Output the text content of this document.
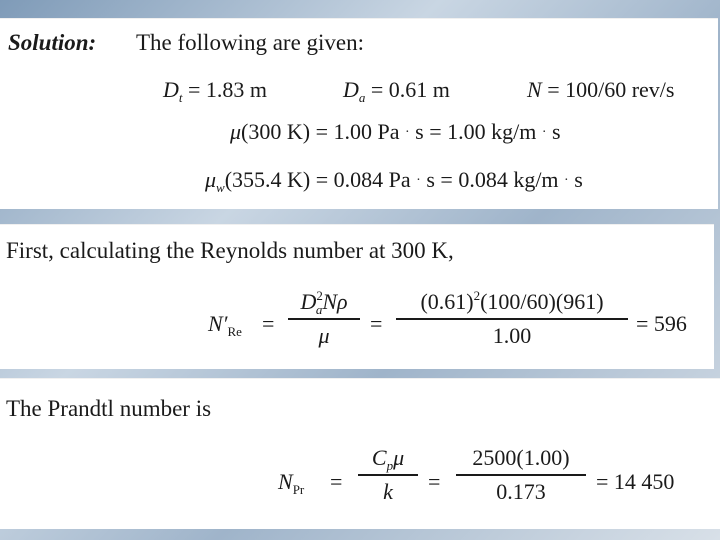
Solution: The following are given:
$D_t = 1.83$ m	$D_a = 0.61$ m	N = 100/60 rev/s
μ(300 K) = 1.00 Pa · s = 1.00 kg/m · s
$\mu_w(355.4$ K) = 0.084 Pa · s = 0.084 kg/m · s
First, calculating the Reynolds number at 300 K,
$N'_{Re}$ =
$D^2_aN\rho$
μ	=
$(0.61)^2(100/60)(961)$
1.00	= 596
The Prandtl number is
$N_{Pr}$ =
$C_p\mu$
k	=
2500(1.00)
0.173	= 14 450
